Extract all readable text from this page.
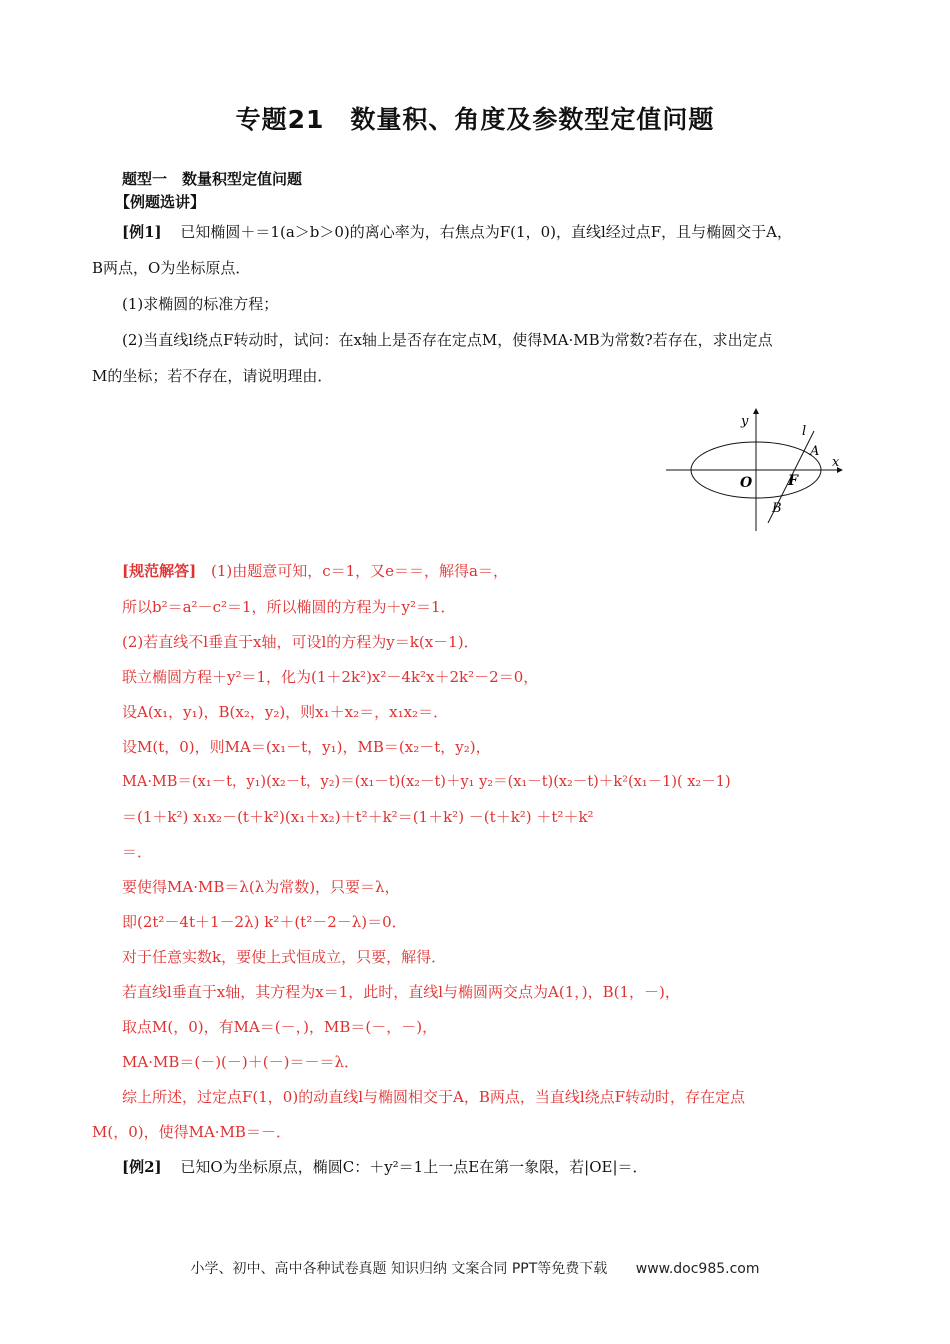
专题21　数量积、角度及参数型定值问题
题型一　数量积型定值问题
【例题选讲】
[例1] 已知椭圆＋＝1(a＞b＞0)的离心率为，右焦点为F(1，0)，直线l经过点F，且与椭圆交于A，
B两点，O为坐标原点．
(1)求椭圆的标准方程；
(2)当直线l绕点F转动时，试问：在x轴上是否存在定点M，使得MA·MB为常数?若存在，求出定点
M的坐标；若不存在，请说明理由．
y
x
l
A
O	F
B
[规范解答] (1)由题意可知，c＝1，又e＝＝，解得a＝，
所以b²＝a²－c²＝1，所以椭圆的方程为＋y²＝1．
(2)若直线不l垂直于x轴，可设l的方程为y＝k(x－1)．
联立椭圆方程＋y²＝1，化为(1＋2k²)x²－4k²x＋2k²－2＝0，
设A(x₁，y₁)，B(x₂，y₂)，则x₁＋x₂＝，x₁x₂＝．
设M(t，0)，则MA＝(x₁－t，y₁)，MB＝(x₂－t，y₂)，
MA·MB＝(x₁－t，y₁)(x₂－t，y₂)＝(x₁－t)(x₂－t)＋y₁ y₂＝(x₁－t)(x₂－t)＋k²(x₁－1)( x₂－1)
＝(1＋k²) x₁x₂－(t＋k²)(x₁＋x₂)＋t²＋k²＝(1＋k²) －(t＋k²) ＋t²＋k²
＝．
要使得MA·MB＝λ(λ为常数)，只要＝λ，
即(2t²－4t＋1－2λ) k²＋(t²－2－λ)＝0．
对于任意实数k，要使上式恒成立，只要，解得．
若直线l垂直于x轴，其方程为x＝1，此时，直线l与椭圆两交点为A(1，)，B(1，－)，
取点M(，0)，有MA＝(－，)，MB＝(－，－)，
MA·MB＝(－)(－)＋(－)＝－＝λ．
综上所述，过定点F(1，0)的动直线l与椭圆相交于A，B两点，当直线l绕点F转动时，存在定点
M(，0)，使得MA·MB＝－．
[例2] 已知O为坐标原点，椭圆C：＋y²＝1上一点E在第一象限，若|OE|＝．
小学、初中、高中各种试卷真题 知识归纳 文案合同 PPT等免费下载 www.doc985.com
